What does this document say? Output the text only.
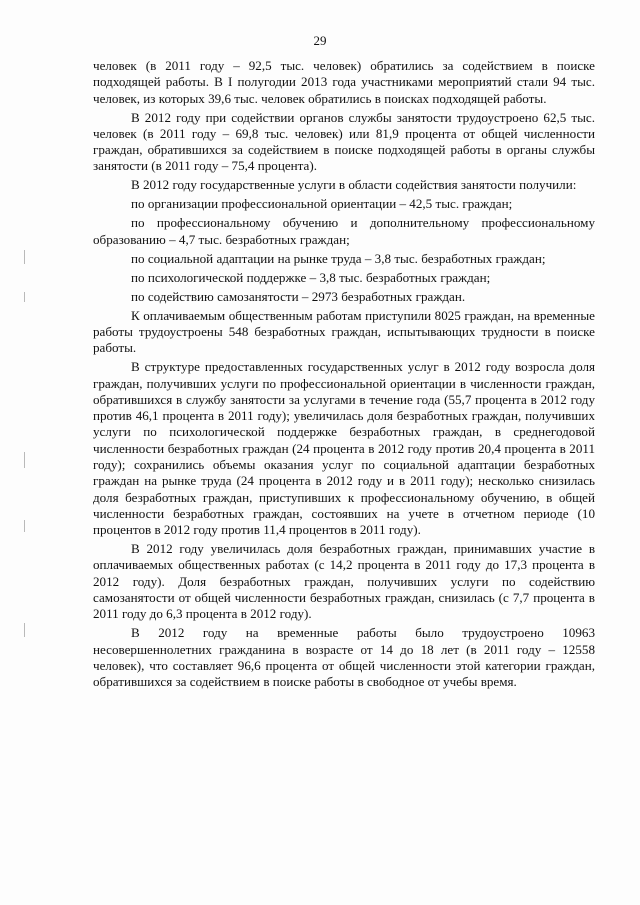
29

человек (в 2011 году – 92,5 тыс. человек) обратились за содействием в поиске подходящей работы. В I полугодии 2013 года участниками мероприятий стали 94 тыс. человек, из которых 39,6 тыс. человек обратились в поисках подходящей работы.

В 2012 году при содействии органов службы занятости трудоустроено 62,5 тыс. человек (в 2011 году – 69,8 тыс. человек) или 81,9 процента от общей численности граждан, обратившихся за содействием в поиске подходящей работы в органы службы занятости (в 2011 году – 75,4 процента).

В 2012 году государственные услуги в области содействия занятости получили:

по организации профессиональной ориентации – 42,5 тыс. граждан;

по профессиональному обучению и дополнительному профессиональному образованию – 4,7 тыс. безработных граждан;

по социальной адаптации на рынке труда – 3,8 тыс. безработных граждан;

по психологической поддержке – 3,8 тыс. безработных граждан;

по содействию самозанятости – 2973 безработных граждан.

К оплачиваемым общественным работам приступили 8025 граждан, на временные работы трудоустроены 548 безработных граждан, испытывающих трудности в поиске работы.

В структуре предоставленных государственных услуг в 2012 году возросла доля граждан, получивших услуги по профессиональной ориентации в численности граждан, обратившихся в службу занятости за услугами в течение года (55,7 процента в 2012 году против 46,1 процента в 2011 году); увеличилась доля безработных граждан, получивших услуги по психологической поддержке безработных граждан, в среднегодовой численности безработных граждан (24 процента в 2012 году против 20,4 процента в 2011 году); сохранились объемы оказания услуг по социальной адаптации безработных граждан на рынке труда (24 процента в 2012 году и в 2011 году); несколько снизилась доля безработных граждан, приступивших к профессиональному обучению, в общей численности безработных граждан, состоявших на учете в отчетном периоде (10 процентов в 2012 году против 11,4 процентов в 2011 году).

В 2012 году увеличилась доля безработных граждан, принимавших участие в оплачиваемых общественных работах (с 14,2 процента в 2011 году до 17,3 процента в 2012 году). Доля безработных граждан, получивших услуги по содействию самозанятости от общей численности безработных граждан, снизилась (с 7,7 процента в 2011 году до 6,3 процента в 2012 году).

В 2012 году на временные работы было трудоустроено 10963 несовершеннолетних гражданина в возрасте от 14 до 18 лет (в 2011 году – 12558 человек), что составляет 96,6 процента от общей численности этой категории граждан, обратившихся за содействием в поиске работы в свободное от учебы время.
